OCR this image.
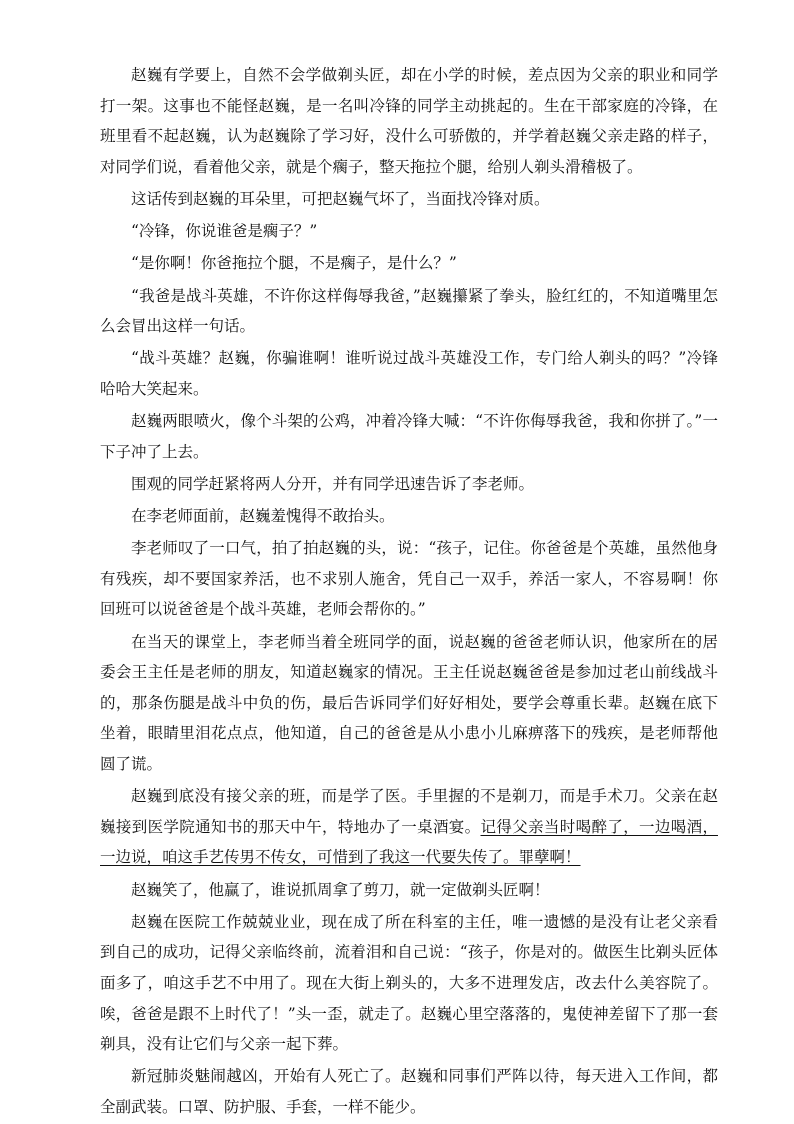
赵巍有学要上，自然不会学做剃头匠，却在小学的时候，差点因为父亲的职业和同学打一架。这事也不能怪赵巍，是一名叫冷锋的同学主动挑起的。生在干部家庭的冷锋，在班里看不起赵巍，认为赵巍除了学习好，没什么可骄傲的，并学着赵巍父亲走路的样子，对同学们说，看着他父亲，就是个瘸子，整天拖拉个腿，给别人剃头滑稽极了。

这话传到赵巍的耳朵里，可把赵巍气坏了，当面找冷锋对质。

“冷锋，你说谁爸是瘸子？”

“是你啊！你爸拖拉个腿，不是瘸子，是什么？”

“我爸是战斗英雄，不许你这样侮辱我爸，”赵巍攥紧了拳头，脸红红的，不知道嘴里怎么会冒出这样一句话。

“战斗英雄？赵巍，你骗谁啊！谁听说过战斗英雄没工作，专门给人剃头的吗？”冷锋哈哈大笑起来。

赵巍两眼喷火，像个斗架的公鸡，冲着冷锋大喊：“不许你侮辱我爸，我和你拼了。”一下子冲了上去。

围观的同学赶紧将两人分开，并有同学迅速告诉了李老师。

在李老师面前，赵巍羞愧得不敢抬头。

李老师叹了一口气，拍了拍赵巍的头，说：“孩子，记住。你爸爸是个英雄，虽然他身有残疾，却不要国家养活，也不求别人施舍，凭自己一双手，养活一家人，不容易啊！你回班可以说爸爸是个战斗英雄，老师会帮你的。”

在当天的课堂上，李老师当着全班同学的面，说赵巍的爸爸老师认识，他家所在的居委会王主任是老师的朋友，知道赵巍家的情况。王主任说赵巍爸爸是参加过老山前线战斗的，那条伤腿是战斗中负的伤，最后告诉同学们好好相处，要学会尊重长辈。赵巍在底下坐着，眼睛里泪花点点，他知道，自己的爸爸是从小患小儿麻痹落下的残疾，是老师帮他圆了谎。

赵巍到底没有接父亲的班，而是学了医。手里握的不是剃刀，而是手术刀。父亲在赵巍接到医学院通知书的那天中午，特地办了一桌酒宴。记得父亲当时喝醉了，一边喝酒，一边说，咱这手艺传男不传女，可惜到了我这一代要失传了。罪孽啊！

赵巍笑了，他赢了，谁说抓周拿了剪刀，就一定做剃头匠啊！

赵巍在医院工作兢兢业业，现在成了所在科室的主任，唯一遗憾的是没有让老父亲看到自己的成功，记得父亲临终前，流着泪和自己说：“孩子，你是对的。做医生比剃头匠体面多了，咱这手艺不中用了。现在大街上剃头的，大多不进理发店，改去什么美容院了。唉，爸爸是跟不上时代了！”头一歪，就走了。赵巍心里空落落的，鬼使神差留下了那一套剃具，没有让它们与父亲一起下葬。

新冠肺炎魅闹越凶，开始有人死亡了。赵巍和同事们严阵以待，每天进入工作间，都全副武装。口罩、防护服、手套，一样不能少。
